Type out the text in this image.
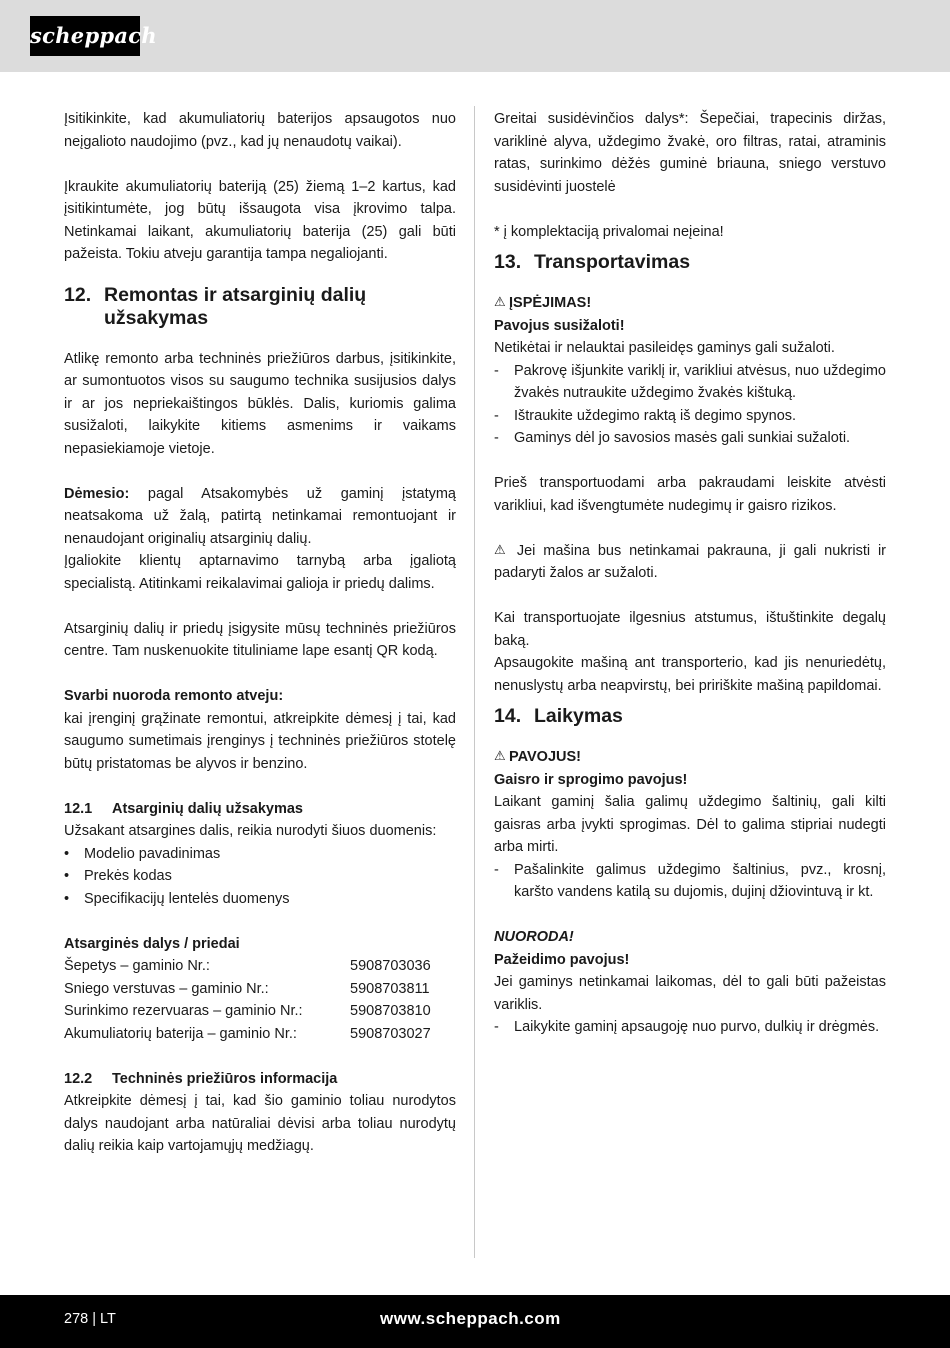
scheppach
Įsitikinkite, kad akumuliatorių baterijos apsaugotos nuo neįgalioto naudojimo (pvz., kad jų nenaudotų vaikai).
Įkraukite akumuliatorių bateriją (25) žiemą 1–2 kartus, kad įsitikintumėte, jog būtų išsaugota visa įkrovimo talpa. Netinkamai laikant, akumuliatorių baterija (25) gali būti pažeista. Tokiu atveju garantija tampa negaliojanti.
12. Remontas ir atsarginių dalių užsakymas
Atlikę remonto arba techninės priežiūros darbus, įsitikinkite, ar sumontuotos visos su saugumo technika susijusios dalys ir ar jos nepriekaištingos būklės. Dalis, kuriomis galima susižaloti, laikykite kitiems asmenims ir vaikams nepasiekiamoje vietoje.
Dėmesio: pagal Atsakomybės už gaminį įstatymą neatsakoma už žalą, patirtą netinkamai remontuojant ir nenaudojant originalių atsarginių dalių.
Įgaliokite klientų aptarnavimo tarnybą arba įgaliotą specialistą. Atitinkami reikalavimai galioja ir priedų dalims.
Atsarginių dalių ir priedų įsigysite mūsų techninės priežiūros centre. Tam nuskenuokite tituliniame lape esantį QR kodą.
Svarbi nuoroda remonto atveju:
kai įrenginį grąžinate remontui, atkreipkite dėmesį į tai, kad saugumo sumetimais įrenginys į techninės priežiūros stotelę būtų pristatomas be alyvos ir benzino.
12.1	Atsarginių dalių užsakymas
Užsakant atsargines dalis, reikia nurodyti šiuos duomenis:
•	Modelio pavadinimas
•	Prekės kodas
•	Specifikacijų lentelės duomenys
Atsarginės dalys / priedai
Šepetys – gaminio Nr.:	5908703036
Sniego verstuvas – gaminio Nr.:	5908703811
Surinkimo rezervuaras – gaminio Nr.:	5908703810
Akumuliatorių baterija – gaminio Nr.:	5908703027
12.2	Techninės priežiūros informacija
Atkreipkite dėmesį į tai, kad šio gaminio toliau nurodytos dalys naudojant arba natūraliai dėvisi arba toliau nurodytų dalių reikia kaip vartojamųjų medžiagų.
Greitai susidėvinčios dalys*: Šepečiai, trapecinis diržas, variklinė alyva, uždegimo žvakė, oro filtras, ratai, atraminis ratas, surinkimo dėžės guminė briauna, sniego verstuvo susidėvinti juostelė
* į komplektaciją privalomai neįeina!
13. Transportavimas
⚠ ĮSPĖJIMAS!
Pavojus susižaloti!
Netikėtai ir nelauktai pasileidęs gaminys gali sužaloti.
-	Pakrovę išjunkite variklį ir, varikliui atvėsus, nuo uždegimo žvakės nutraukite uždegimo žvakės kištuką.
-	Ištraukite uždegimo raktą iš degimo spynos.
-	Gaminys dėl jo savosios masės gali sunkiai sužaloti.
Prieš transportuodami arba pakraudami leiskite atvėsti varikliui, kad išvengtumėte nudegimų ir gaisro rizikos.
⚠ Jei mašina bus netinkamai pakrauna, ji gali nukristi ir padaryti žalos ar sužaloti.
Kai transportuojate ilgesnius atstumus, ištuštinkite degalų baką.
Apsaugokite mašiną ant transporterio, kad jis nenuriedėtų, nenuslystų arba neapvirstų, bei pririškite mašiną papildomai.
14. Laikymas
⚠ PAVOJUS!
Gaisro ir sprogimo pavojus!
Laikant gaminį šalia galimų uždegimo šaltinių, gali kilti gaisras arba įvykti sprogimas. Dėl to galima stipriai nudegti arba mirti.
-	Pašalinkite galimus uždegimo šaltinius, pvz., krosnį, karšto vandens katilą su dujomis, dujinį džiovintuvą ir kt.
NUORODA!
Pažeidimo pavojus!
Jei gaminys netinkamai laikomas, dėl to gali būti pažeistas variklis.
-	Laikykite gaminį apsaugoję nuo purvo, dulkių ir drėgmės.
278 | LT	www.scheppach.com
